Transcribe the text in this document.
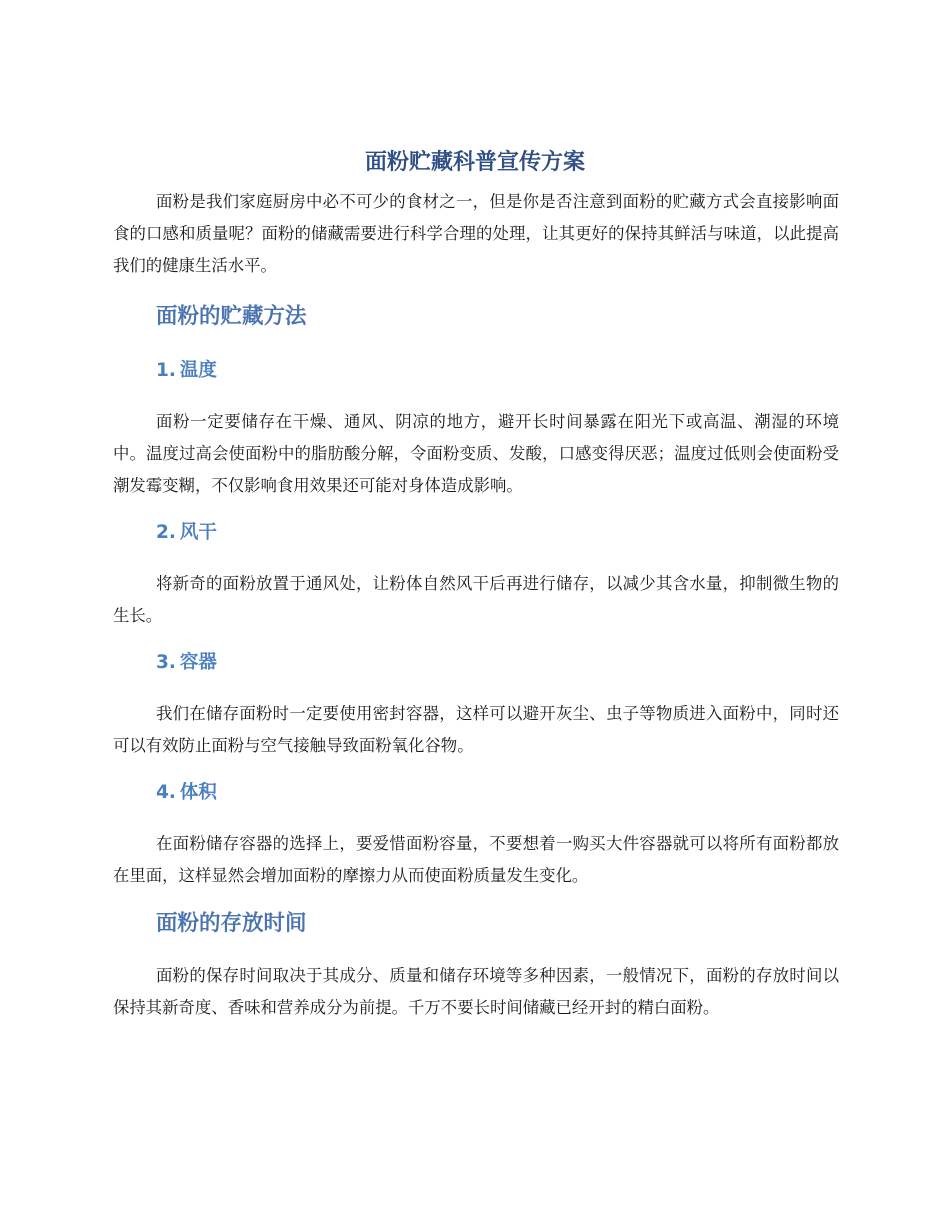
面粉贮藏科普宣传方案

面粉是我们家庭厨房中必不可少的食材之一，但是你是否注意到面粉的贮藏方式会直接影响面食的口感和质量呢？面粉的储藏需要进行科学合理的处理，让其更好的保持其鲜活与味道，以此提高我们的健康生活水平。

面粉的贮藏方法
1. 温度

面粉一定要储存在干燥、通风、阴凉的地方，避开长时间暴露在阳光下或高温、潮湿的环境中。温度过高会使面粉中的脂肪酸分解，令面粉变质、发酸，口感变得厌恶；温度过低则会使面粉受潮发霉变糊，不仅影响食用效果还可能对身体造成影响。

2. 风干

将新奇的面粉放置于通风处，让粉体自然风干后再进行储存，以减少其含水量，抑制微生物的生长。

3. 容器

我们在储存面粉时一定要使用密封容器，这样可以避开灰尘、虫子等物质进入面粉中，同时还可以有效防止面粉与空气接触导致面粉氧化谷物。

4. 体积

在面粉储存容器的选择上，要爱惜面粉容量，不要想着一购买大件容器就可以将所有面粉都放在里面，这样显然会增加面粉的摩擦力从而使面粉质量发生变化。

面粉的存放时间

面粉的保存时间取决于其成分、质量和储存环境等多种因素，一般情况下，面粉的存放时间以保持其新奇度、香味和营养成分为前提。千万不要长时间储藏已经开封的精白面粉。
